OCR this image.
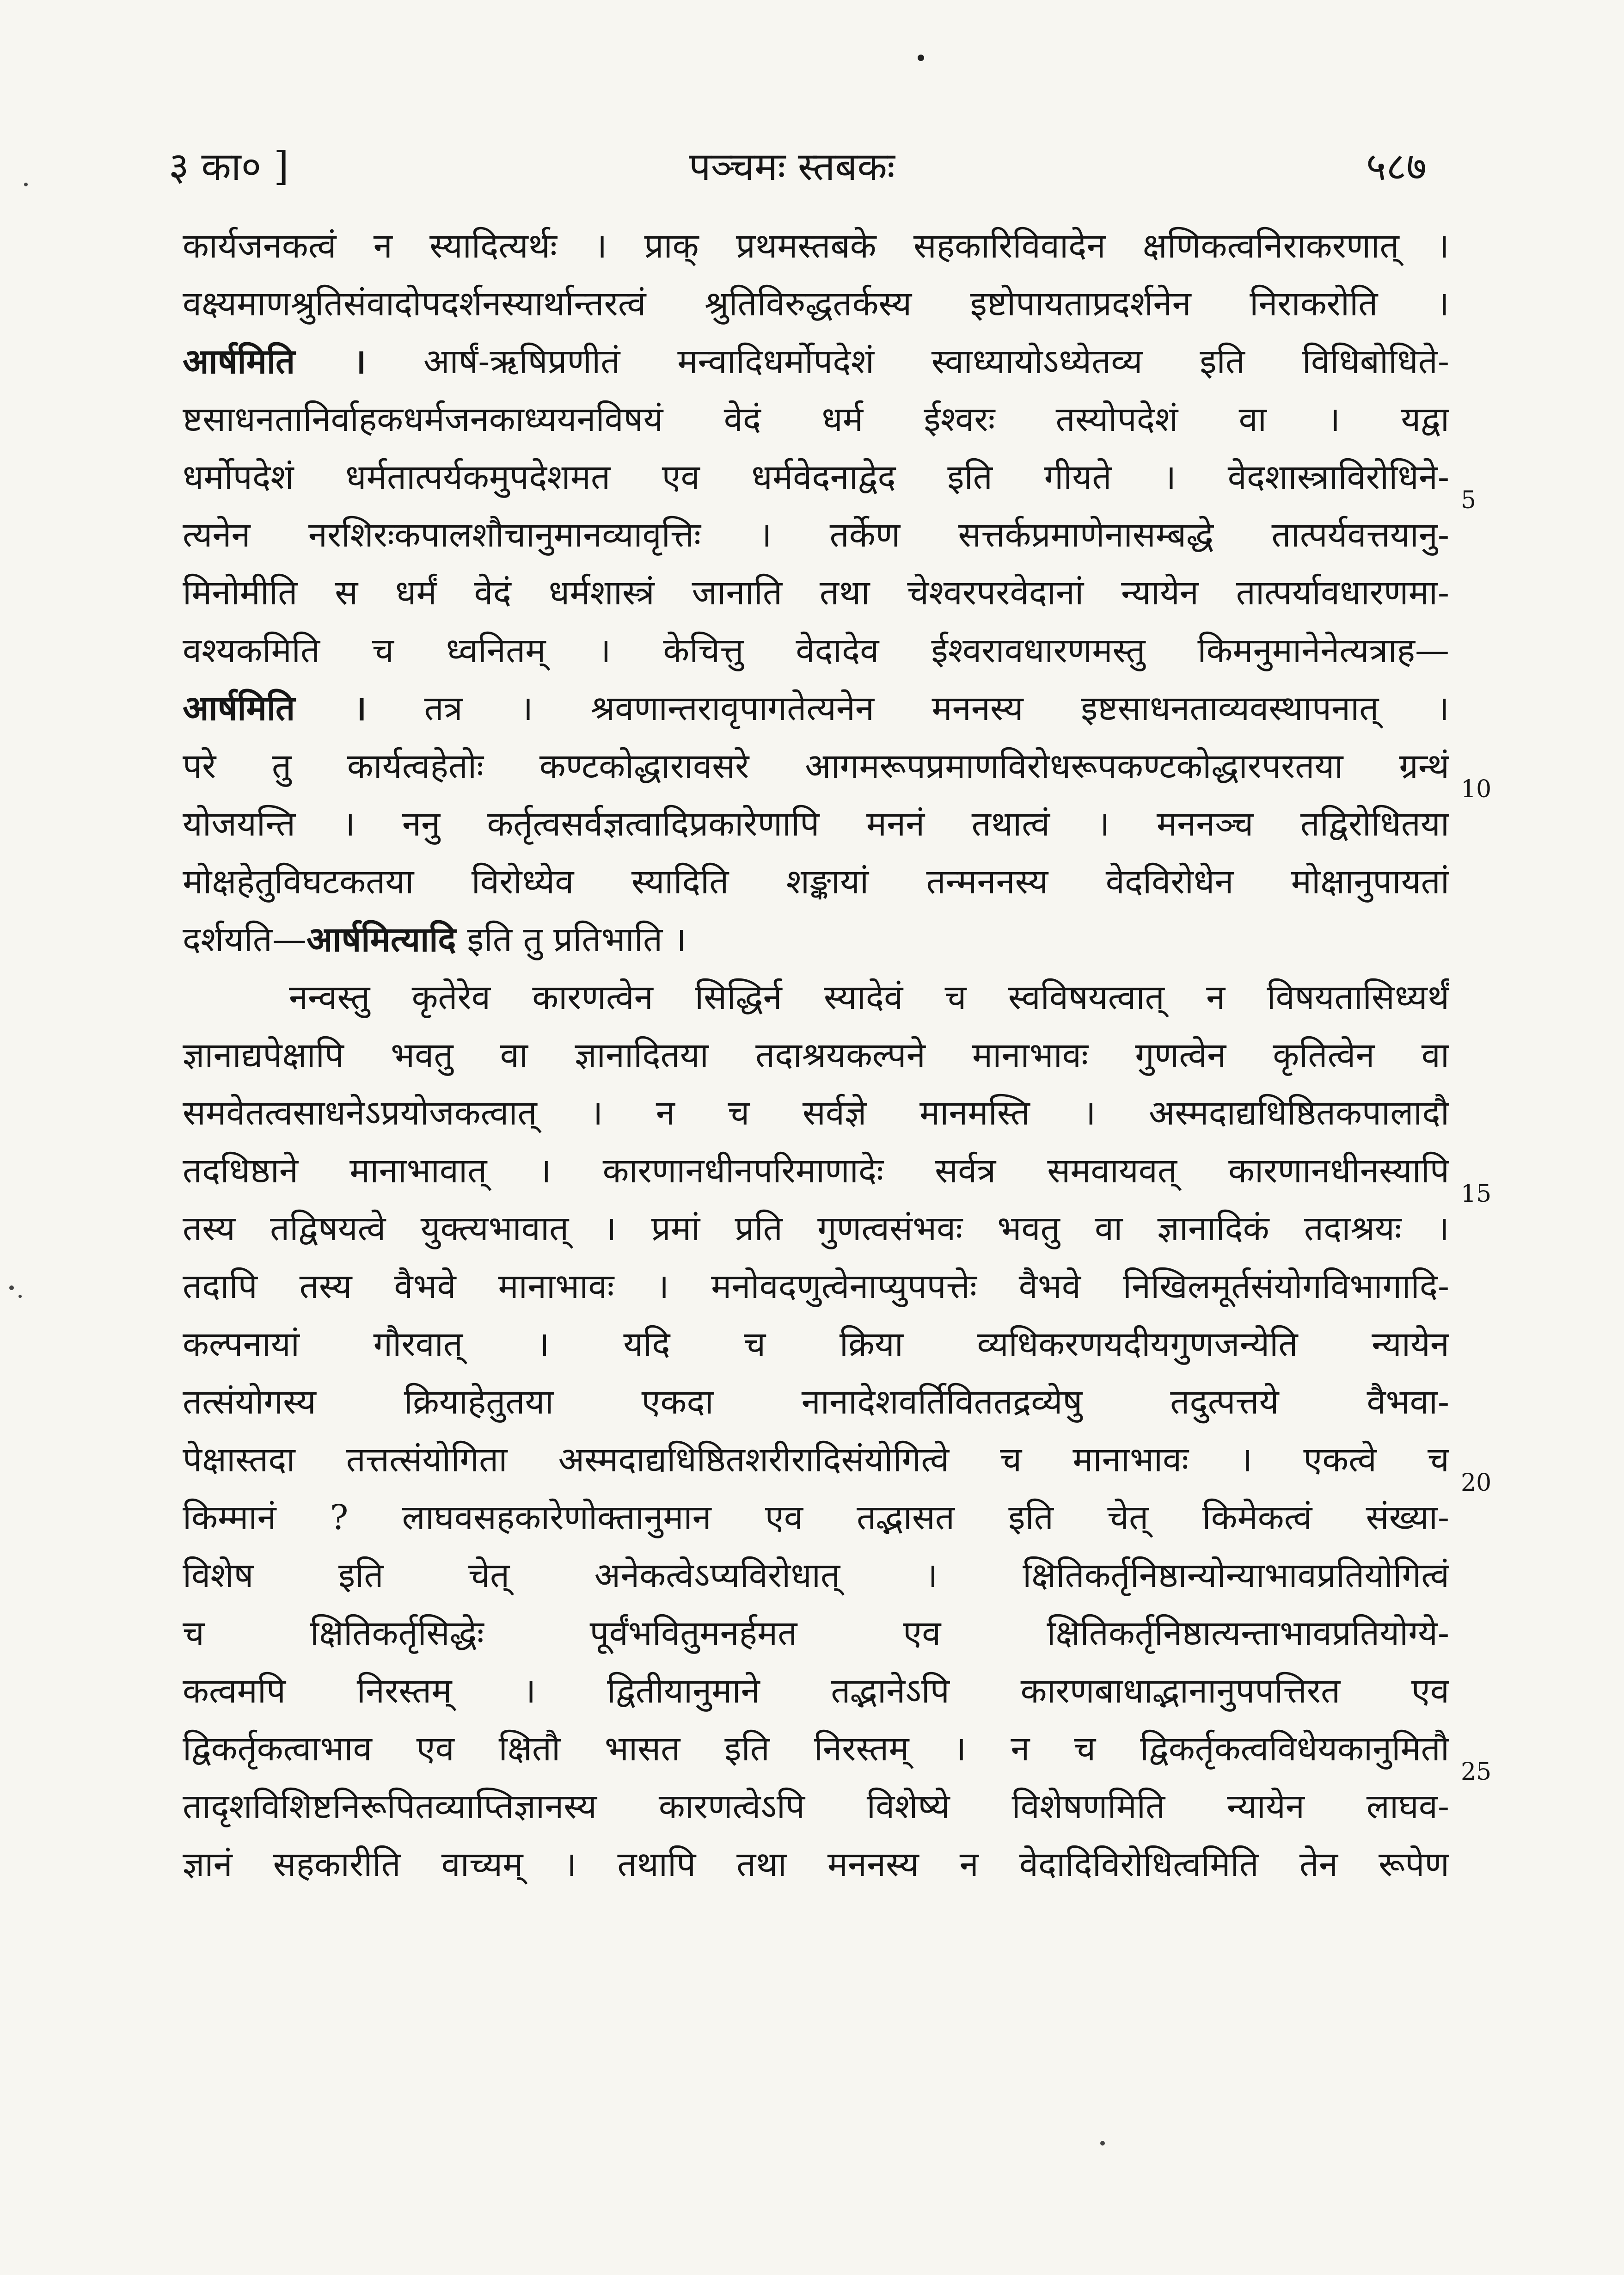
३ का० ]	पञ्चमः स्तबकः	५८७
कार्यजनकत्वं न स्यादित्यर्थः । प्राक् प्रथमस्तबके सहकारिविवादेन क्षणिकत्वनिराकरणात् ।
वक्ष्यमाणश्रुतिसंवादोपदर्शनस्यार्थान्तरत्वं श्रुतिविरुद्धतर्कस्य इष्टोपायताप्रदर्शनेन निराकरोति ।
आर्षमिति । आर्षं-ऋषिप्रणीतं मन्वादिधर्मोपदेशं स्वाध्यायोऽध्येतव्य इति विधिबोधिते-
ष्टसाधनतानिर्वाहकधर्मजनकाध्ययनविषयं वेदं धर्म ईश्वरः तस्योपदेशं वा । यद्वा
धर्मोपदेशं धर्मतात्पर्यकमुपदेशमत एव धर्मवेदनाद्वेद इति गीयते । वेदशास्त्राविरोधिने-
त्यनेन नरशिरःकपालशौचानुमानव्यावृत्तिः । तर्केण सत्तर्कप्रमाणेनासम्बद्धे तात्पर्यवत्तयानु-
मिनोमीति स धर्मं वेदं धर्मशास्त्रं जानाति तथा चेश्वरपरवेदानां न्यायेन तात्पर्यावधारणमा-
वश्यकमिति च ध्वनितम् । केचित्तु वेदादेव ईश्वरावधारणमस्तु किमनुमानेनेत्यत्राह—
आर्षमिति । तत्र । श्रवणान्तरावृपागतेत्यनेन मननस्य इष्टसाधनताव्यवस्थापनात् ।
परे तु कार्यत्वहेतोः कण्टकोद्धारावसरे आगमरूपप्रमाणविरोधरूपकण्टकोद्धारपरतया ग्रन्थं
योजयन्ति । ननु कर्तृत्वसर्वज्ञत्वादिप्रकारेणापि मननं तथात्वं । मननञ्च तद्विरोधितया
मोक्षहेतुविघटकतया विरोध्येव स्यादिति शङ्कायां तन्मननस्य वेदविरोधेन मोक्षानुपायतां
दर्शयति—आर्षमित्यादि इति तु प्रतिभाति ।
नन्वस्तु कृतेरेव कारणत्वेन सिद्धिर्न स्यादेवं च स्वविषयत्वात् न विषयतासिध्यर्थं
ज्ञानाद्यपेक्षापि भवतु वा ज्ञानादितया तदाश्रयकल्पने मानाभावः गुणत्वेन कृतित्वेन वा
समवेतत्वसाधनेऽप्रयोजकत्वात् । न च सर्वज्ञे मानमस्ति । अस्मदाद्यधिष्ठितकपालादौ
तदधिष्ठाने मानाभावात् । कारणानधीनपरिमाणादेः सर्वत्र समवायवत् कारणानधीनस्यापि
तस्य तद्विषयत्वे युक्त्यभावात् । प्रमां प्रति गुणत्वसंभवः भवतु वा ज्ञानादिकं तदाश्रयः ।
तदापि तस्य वैभवे मानाभावः । मनोवदणुत्वेनाप्युपपत्तेः वैभवे निखिलमूर्तसंयोगविभागादि-
कल्पनायां गौरवात् । यदि च क्रिया व्यधिकरणयदीयगुणजन्येति न्यायेन
तत्संयोगस्य क्रियाहेतुतया एकदा नानादेशवर्तिविततद्रव्येषु तदुत्पत्तये वैभवा-
पेक्षास्तदा तत्तत्संयोगिता अस्मदाद्यधिष्ठितशरीरादिसंयोगित्वे च मानाभावः । एकत्वे च
किम्मानं ? लाघवसहकारेणोक्तानुमान एव तद्भासत इति चेत् किमेकत्वं संख्या-
विशेष इति चेत् अनेकत्वेऽप्यविरोधात् । क्षितिकर्तृनिष्ठान्योन्याभावप्रतियोगित्वं
च क्षितिकर्तृसिद्धेः पूर्वंभवितुमनर्हमत एव क्षितिकर्तृनिष्ठात्यन्ताभावप्रतियोग्ये-
कत्वमपि निरस्तम् । द्वितीयानुमाने तद्भानेऽपि कारणबाधाद्भानानुपपत्तिरत एव
द्विकर्तृकत्वाभाव एव क्षितौ भासत इति निरस्तम् । न च द्विकर्तृकत्वविधेयकानुमितौ
तादृशविशिष्टनिरूपितव्याप्तिज्ञानस्य कारणत्वेऽपि विशेष्ये विशेषणमिति न्यायेन लाघव-
ज्ञानं सहकारीति वाच्यम् । तथापि तथा मननस्य न वेदादिविरोधित्वमिति तेन रूपेण
5
10
15
20
25
